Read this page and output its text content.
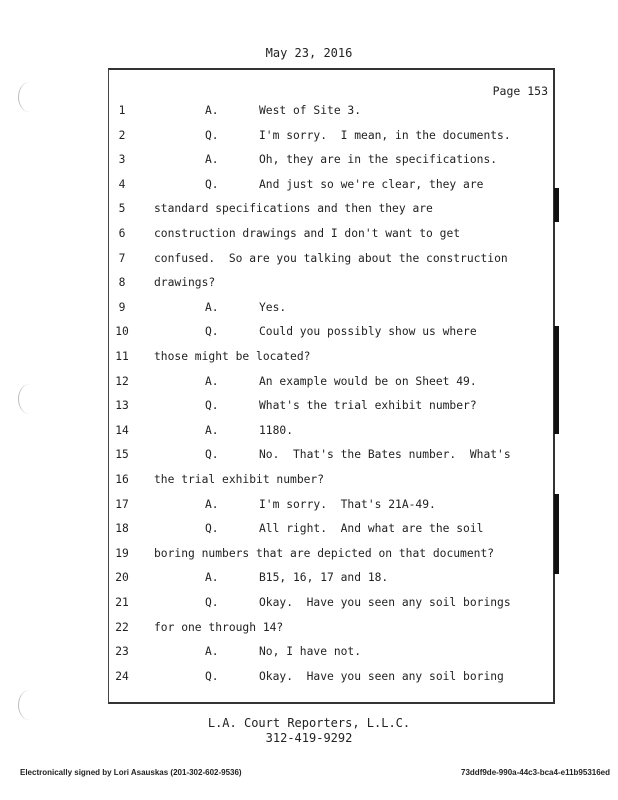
May 23, 2016
Page 153
1	A.	West of Site 3.
2	Q.	I'm sorry.  I mean, in the documents.
3	A.	Oh, they are in the specifications.
4	Q.	And just so we're clear, they are
5	standard specifications and then they are
6	construction drawings and I don't want to get
7	confused.  So are you talking about the construction
8	drawings?
9	A.	Yes.
10	Q.	Could you possibly show us where
11	those might be located?
12	A.	An example would be on Sheet 49.
13	Q.	What's the trial exhibit number?
14	A.	1180.
15	Q.	No.  That's the Bates number.  What's
16	the trial exhibit number?
17	A.	I'm sorry.  That's 21A-49.
18	Q.	All right.  And what are the soil
19	boring numbers that are depicted on that document?
20	A.	B15, 16, 17 and 18.
21	Q.	Okay.  Have you seen any soil borings
22	for one through 14?
23	A.	No, I have not.
24	Q.	Okay.  Have you seen any soil boring
L.A. Court Reporters, L.L.C.
312-419-9292
Electronically signed by Lori Asauskas (201-302-602-9536)	73ddf9de-990a-44c3-bca4-e11b95316ed
